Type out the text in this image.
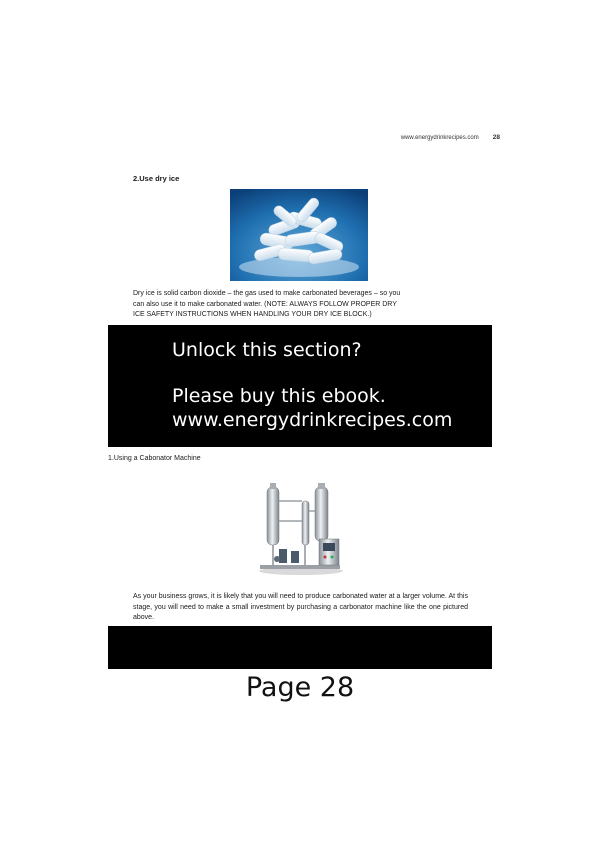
www.energydrinkrecipes.com 28
2.Use dry ice
Dry ice is solid carbon dioxide – the gas used to make carbonated beverages – so you
can also use it to make carbonated water. (NOTE: ALWAYS FOLLOW PROPER DRY
ICE SAFETY INSTRUCTIONS WHEN HANDLING YOUR DRY ICE BLOCK.)
Unlock this section?
Please buy this ebook.
www.energydrinkrecipes.com
1.Using a Cabonator Machine
As your business grows, it is likely that you will need to produce carbonated water at a larger volume. At this stage, you will need to make a small investment by purchasing a carbonator machine like the one pictured above.
Page 28
